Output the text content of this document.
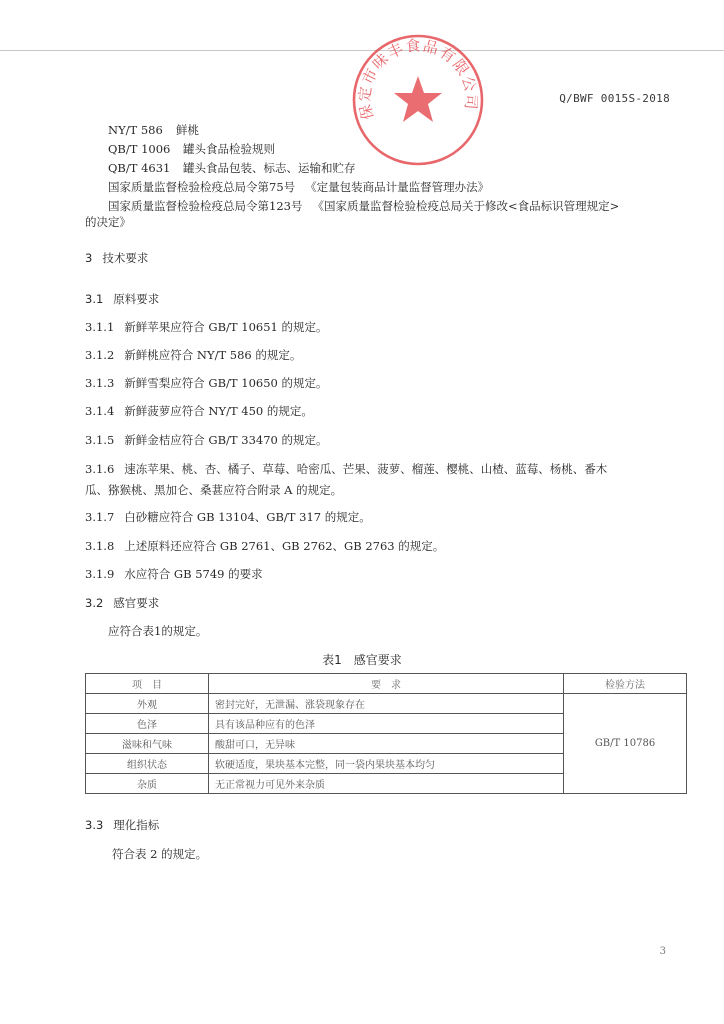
保定市味丰食品有限公司	Q/BWF 0015S-2018
NY/T 586 鲜桃
QB/T 1006 罐头食品检验规则
QB/T 4631 罐头食品包装、标志、运输和贮存
国家质量监督检验检疫总局令第75号 《定量包装商品计量监督管理办法》
国家质量监督检验检疫总局令第123号 《国家质量监督检验检疫总局关于修改<食品标识管理规定>
的决定》
3 技术要求
3.1 原料要求
3.1.1 新鲜苹果应符合 GB/T 10651 的规定。
3.1.2 新鲜桃应符合 NY/T 586 的规定。
3.1.3 新鲜雪梨应符合 GB/T 10650 的规定。
3.1.4 新鲜菠萝应符合 NY/T 450 的规定。
3.1.5 新鲜金桔应符合 GB/T 33470 的规定。
3.1.6 速冻苹果、桃、杏、橘子、草莓、哈密瓜、芒果、菠萝、榴莲、樱桃、山楂、蓝莓、杨桃、番木
瓜、猕猴桃、黑加仑、桑葚应符合附录 A 的规定。
3.1.7 白砂糖应符合 GB 13104、GB/T 317 的规定。
3.1.8 上述原料还应符合 GB 2761、GB 2762、GB 2763 的规定。
3.1.9 水应符合 GB 5749 的要求
3.2 感官要求
应符合表1的规定。
表1　感官要求
项　目	要　求	检验方法
外观	密封完好，无泄漏、涨袋现象存在	GB/T 10786
色泽	具有该品种应有的色泽	
滋味和气味	酸甜可口，无异味	
组织状态	软硬适度，果块基本完整，同一袋内果块基本均匀	
杂质	无正常视力可见外来杂质	
3.3 理化指标
符合表 2 的规定。
3
